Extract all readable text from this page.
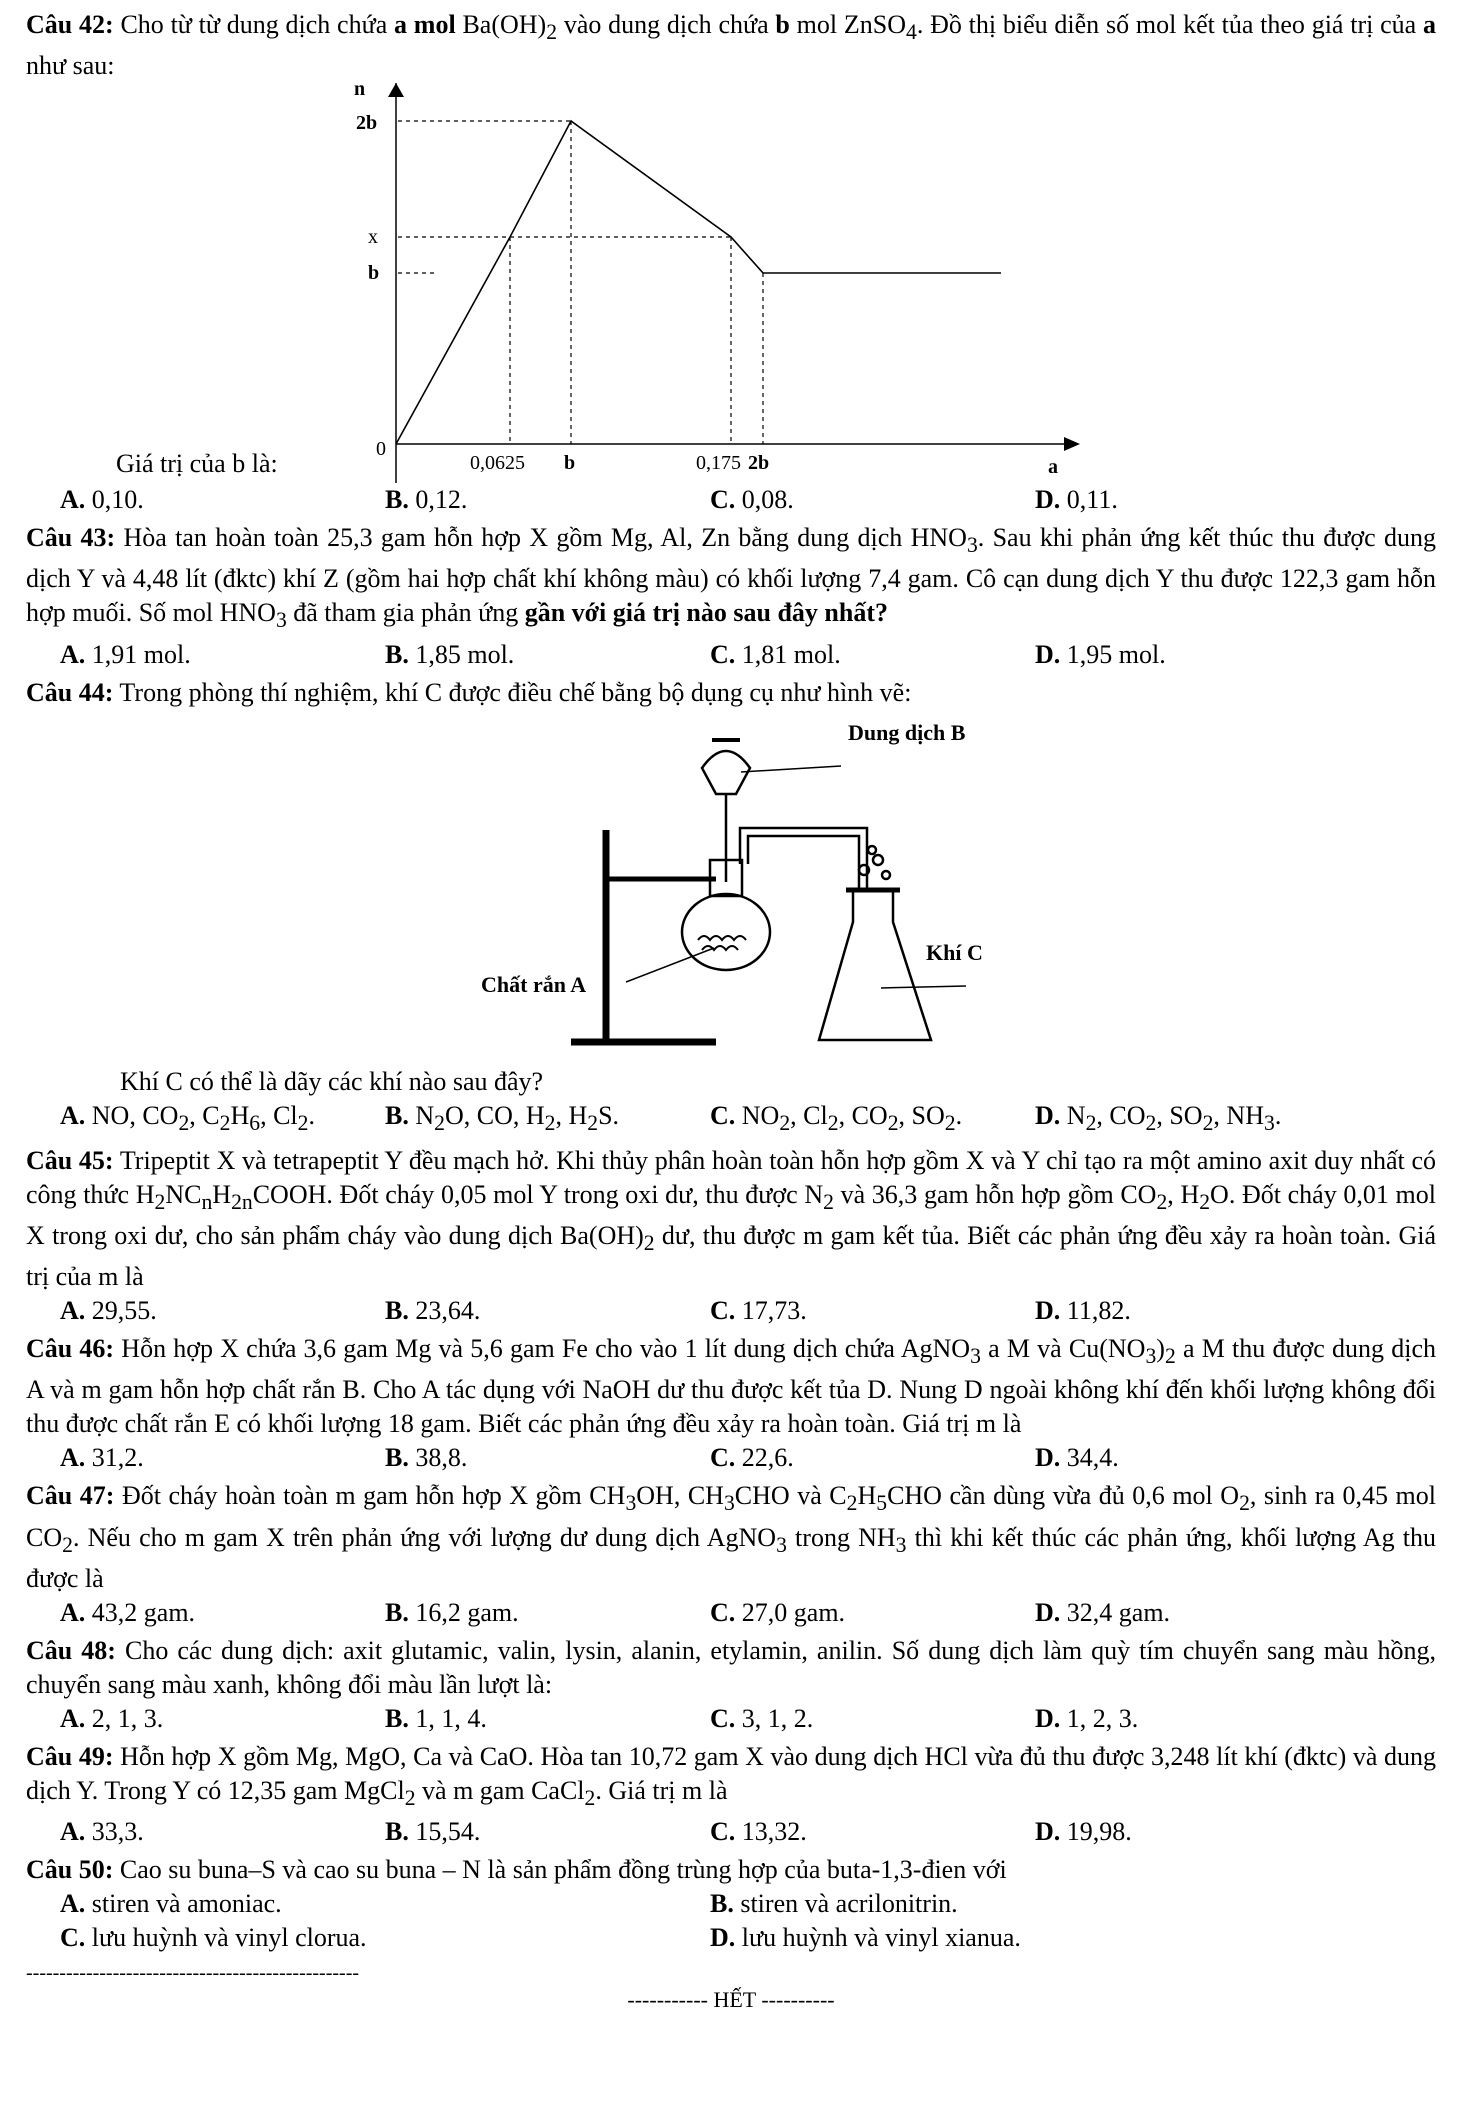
Câu 42: Cho từ từ dung dịch chứa a mol $Ba(OH)_2$ vào dung dịch chứa b mol ZnSO$_4$. Đồ thị biểu diễn số mol kết tủa theo giá trị của a như sau:

n
2b
x
b
0
0,0625 b	0,175 2b	a

Giá trị của b là:

A. 0,10.	B. 0,12.	C. 0,08.	D. 0,11.

Câu 43: Hòa tan hoàn toàn 25,3 gam hỗn hợp X gồm Mg, Al, Zn bằng dung dịch $HNO_3$. Sau khi phản ứng kết thúc thu được dung dịch Y và 4,48 lít (đktc) khí Z (gồm hai hợp chất khí không màu) có khối lượng 7,4 gam. Cô cạn dung dịch Y thu được 122,3 gam hỗn hợp muối. Số mol $HNO_3$ đã tham gia phản ứng gần với giá trị nào sau đây nhất?

A. 1,91 mol.	B. 1,85 mol.	C. 1,81 mol.	D. 1,95 mol.

Câu 44: Trong phòng thí nghiệm, khí C được điều chế bằng bộ dụng cụ như hình vẽ:

Dung dịch B
Chất rắn A
Khí C

Khí C có thể là dãy các khí nào sau đây?

A. NO, $CO_2$, $C_2H_6$, $Cl_2$.	B. $N_2O$, CO, $H_2$, $H_2S$.	C. $NO_2$, $Cl_2$, $CO_2$, $SO_2$.	D. $N_2$, $CO_2$, $SO_2$, $NH_3$.

Câu 45: Tripeptit X và tetrapeptit Y đều mạch hở. Khi thủy phân hoàn toàn hỗn hợp gồm X và Y chỉ tạo ra một amino axit duy nhất có công thức $H_2NC_nH_{2n}COOH$. Đốt cháy 0,05 mol Y trong oxi dư, thu được $N_2$ và 36,3 gam hỗn hợp gồm $CO_2$, $H_2O$. Đốt cháy 0,01 mol X trong oxi dư, cho sản phẩm cháy vào dung dịch $Ba(OH)_2$ dư, thu được m gam kết tủa. Biết các phản ứng đều xảy ra hoàn toàn. Giá trị của m là

A. 29,55.	B. 23,64.	C. 17,73.	D. 11,82.

Câu 46: Hỗn hợp X chứa 3,6 gam Mg và 5,6 gam Fe cho vào 1 lít dung dịch chứa AgNO$_3$ a M và $Cu(NO_3)_2$ a M thu được dung dịch A và m gam hỗn hợp chất rắn B. Cho A tác dụng với NaOH dư thu được kết tủa D. Nung D ngoài không khí đến khối lượng không đổi thu được chất rắn E có khối lượng 18 gam. Biết các phản ứng đều xảy ra hoàn toàn. Giá trị m là

A. 31,2.	B. 38,8.	C. 22,6.	D. 34,4.

Câu 47: Đốt cháy hoàn toàn m gam hỗn hợp X gồm $CH_3OH$, $CH_3CHO$ và $C_2H_5CHO$ cần dùng vừa đủ 0,6 mol $O_2$, sinh ra 0,45 mol $CO_2$. Nếu cho m gam X trên phản ứng với lượng dư dung dịch AgNO$_3$ trong $NH_3$ thì khi kết thúc các phản ứng, khối lượng Ag thu được là

A. 43,2 gam.	B. 16,2 gam.	C. 27,0 gam.	D. 32,4 gam.

Câu 48: Cho các dung dịch: axit glutamic, valin, lysin, alanin, etylamin, anilin. Số dung dịch làm quỳ tím chuyển sang màu hồng, chuyển sang màu xanh, không đổi màu lần lượt là:

A. 2, 1, 3.	B. 1, 1, 4.	C. 3, 1, 2.	D. 1, 2, 3.

Câu 49: Hỗn hợp X gồm Mg, MgO, Ca và CaO. Hòa tan 10,72 gam X vào dung dịch HCl vừa đủ thu được 3,248 lít khí (đktc) và dung dịch Y. Trong Y có 12,35 gam MgCl$_2$ và m gam CaCl$_2$. Giá trị m là

A. 33,3.	B. 15,54.	C. 13,32.	D. 19,98.

Câu 50: Cao su buna–S và cao su buna – N là sản phẩm đồng trùng hợp của buta-1,3-đien với

A. stiren và amoniac.	B. stiren và acrilonitrin.
C. lưu huỳnh và vinyl clorua.	D. lưu huỳnh và vinyl xianua.

--------------------------------------------------

----------- HẾT ----------
